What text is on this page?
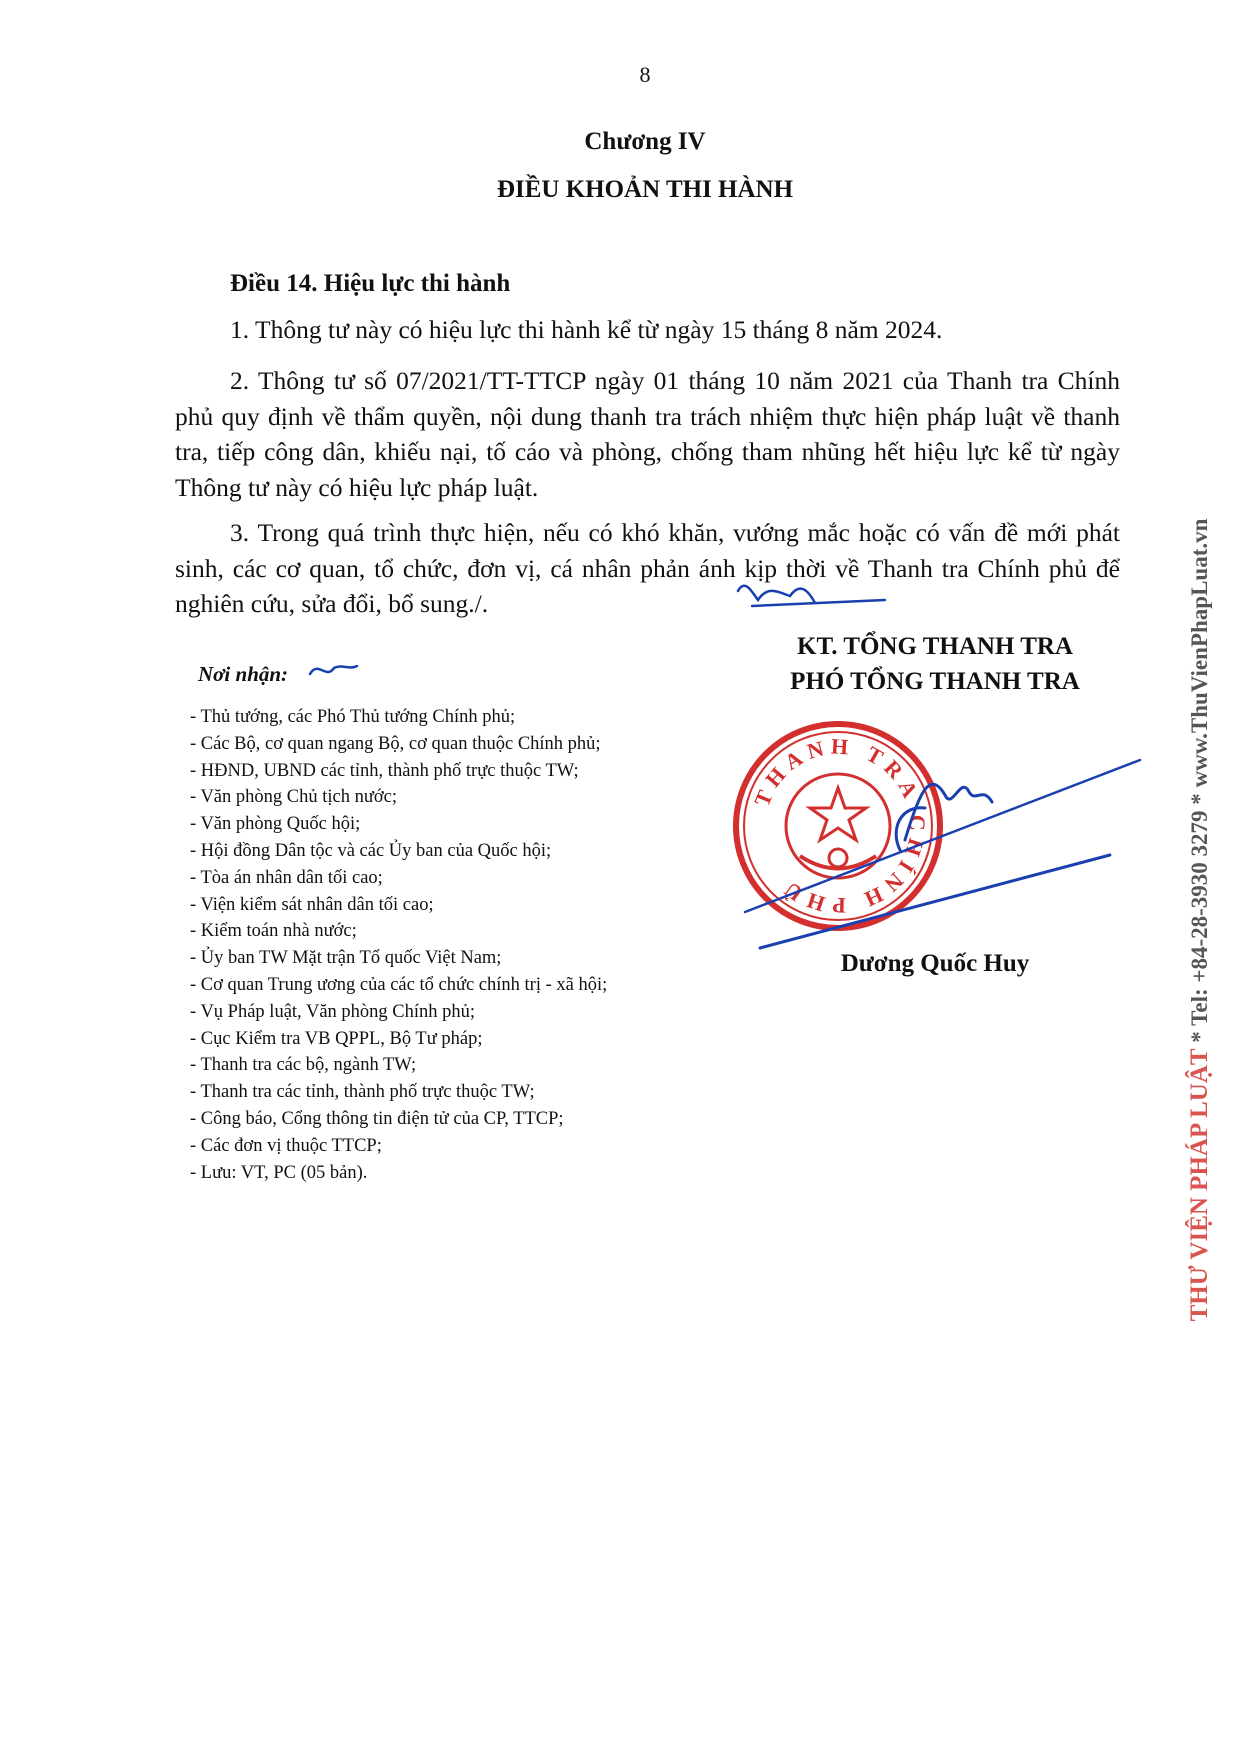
8
Chương IV
ĐIỀU KHOẢN THI HÀNH
Điều 14. Hiệu lực thi hành
1. Thông tư này có hiệu lực thi hành kể từ ngày 15 tháng 8 năm 2024.
2. Thông tư số 07/2021/TT-TTCP ngày 01 tháng 10 năm 2021 của Thanh tra Chính phủ quy định về thẩm quyền, nội dung thanh tra trách nhiệm thực hiện pháp luật về thanh tra, tiếp công dân, khiếu nại, tố cáo và phòng, chống tham nhũng hết hiệu lực kể từ ngày Thông tư này có hiệu lực pháp luật.
3. Trong quá trình thực hiện, nếu có khó khăn, vướng mắc hoặc có vấn đề mới phát sinh, các cơ quan, tổ chức, đơn vị, cá nhân phản ánh kịp thời về Thanh tra Chính phủ để nghiên cứu, sửa đổi, bổ sung./.
Nơi nhận:
- Thủ tướng, các Phó Thủ tướng Chính phủ;
- Các Bộ, cơ quan ngang Bộ, cơ quan thuộc Chính phủ;
- HĐND, UBND các tỉnh, thành phố trực thuộc TW;
- Văn phòng Chủ tịch nước;
- Văn phòng Quốc hội;
- Hội đồng Dân tộc và các Ủy ban của Quốc hội;
- Tòa án nhân dân tối cao;
- Viện kiểm sát nhân dân tối cao;
- Kiểm toán nhà nước;
- Ủy ban TW Mặt trận Tổ quốc Việt Nam;
- Cơ quan Trung ương của các tổ chức chính trị - xã hội;
- Vụ Pháp luật, Văn phòng Chính phủ;
- Cục Kiểm tra VB QPPL, Bộ Tư pháp;
- Thanh tra các bộ, ngành TW;
- Thanh tra các tỉnh, thành phố trực thuộc TW;
- Công báo, Cổng thông tin điện tử của CP, TTCP;
- Các đơn vị thuộc TTCP;
- Lưu: VT, PC (05 bản).
KT. TỔNG THANH TRA
PHÓ TỔNG THANH TRA
THANH TRA CHÍNH PHỦ
Dương Quốc Huy
THƯ VIỆN PHÁP LUẬT * Tel: +84-28-3930 3279 * www.ThuVienPhapLuat.vn
